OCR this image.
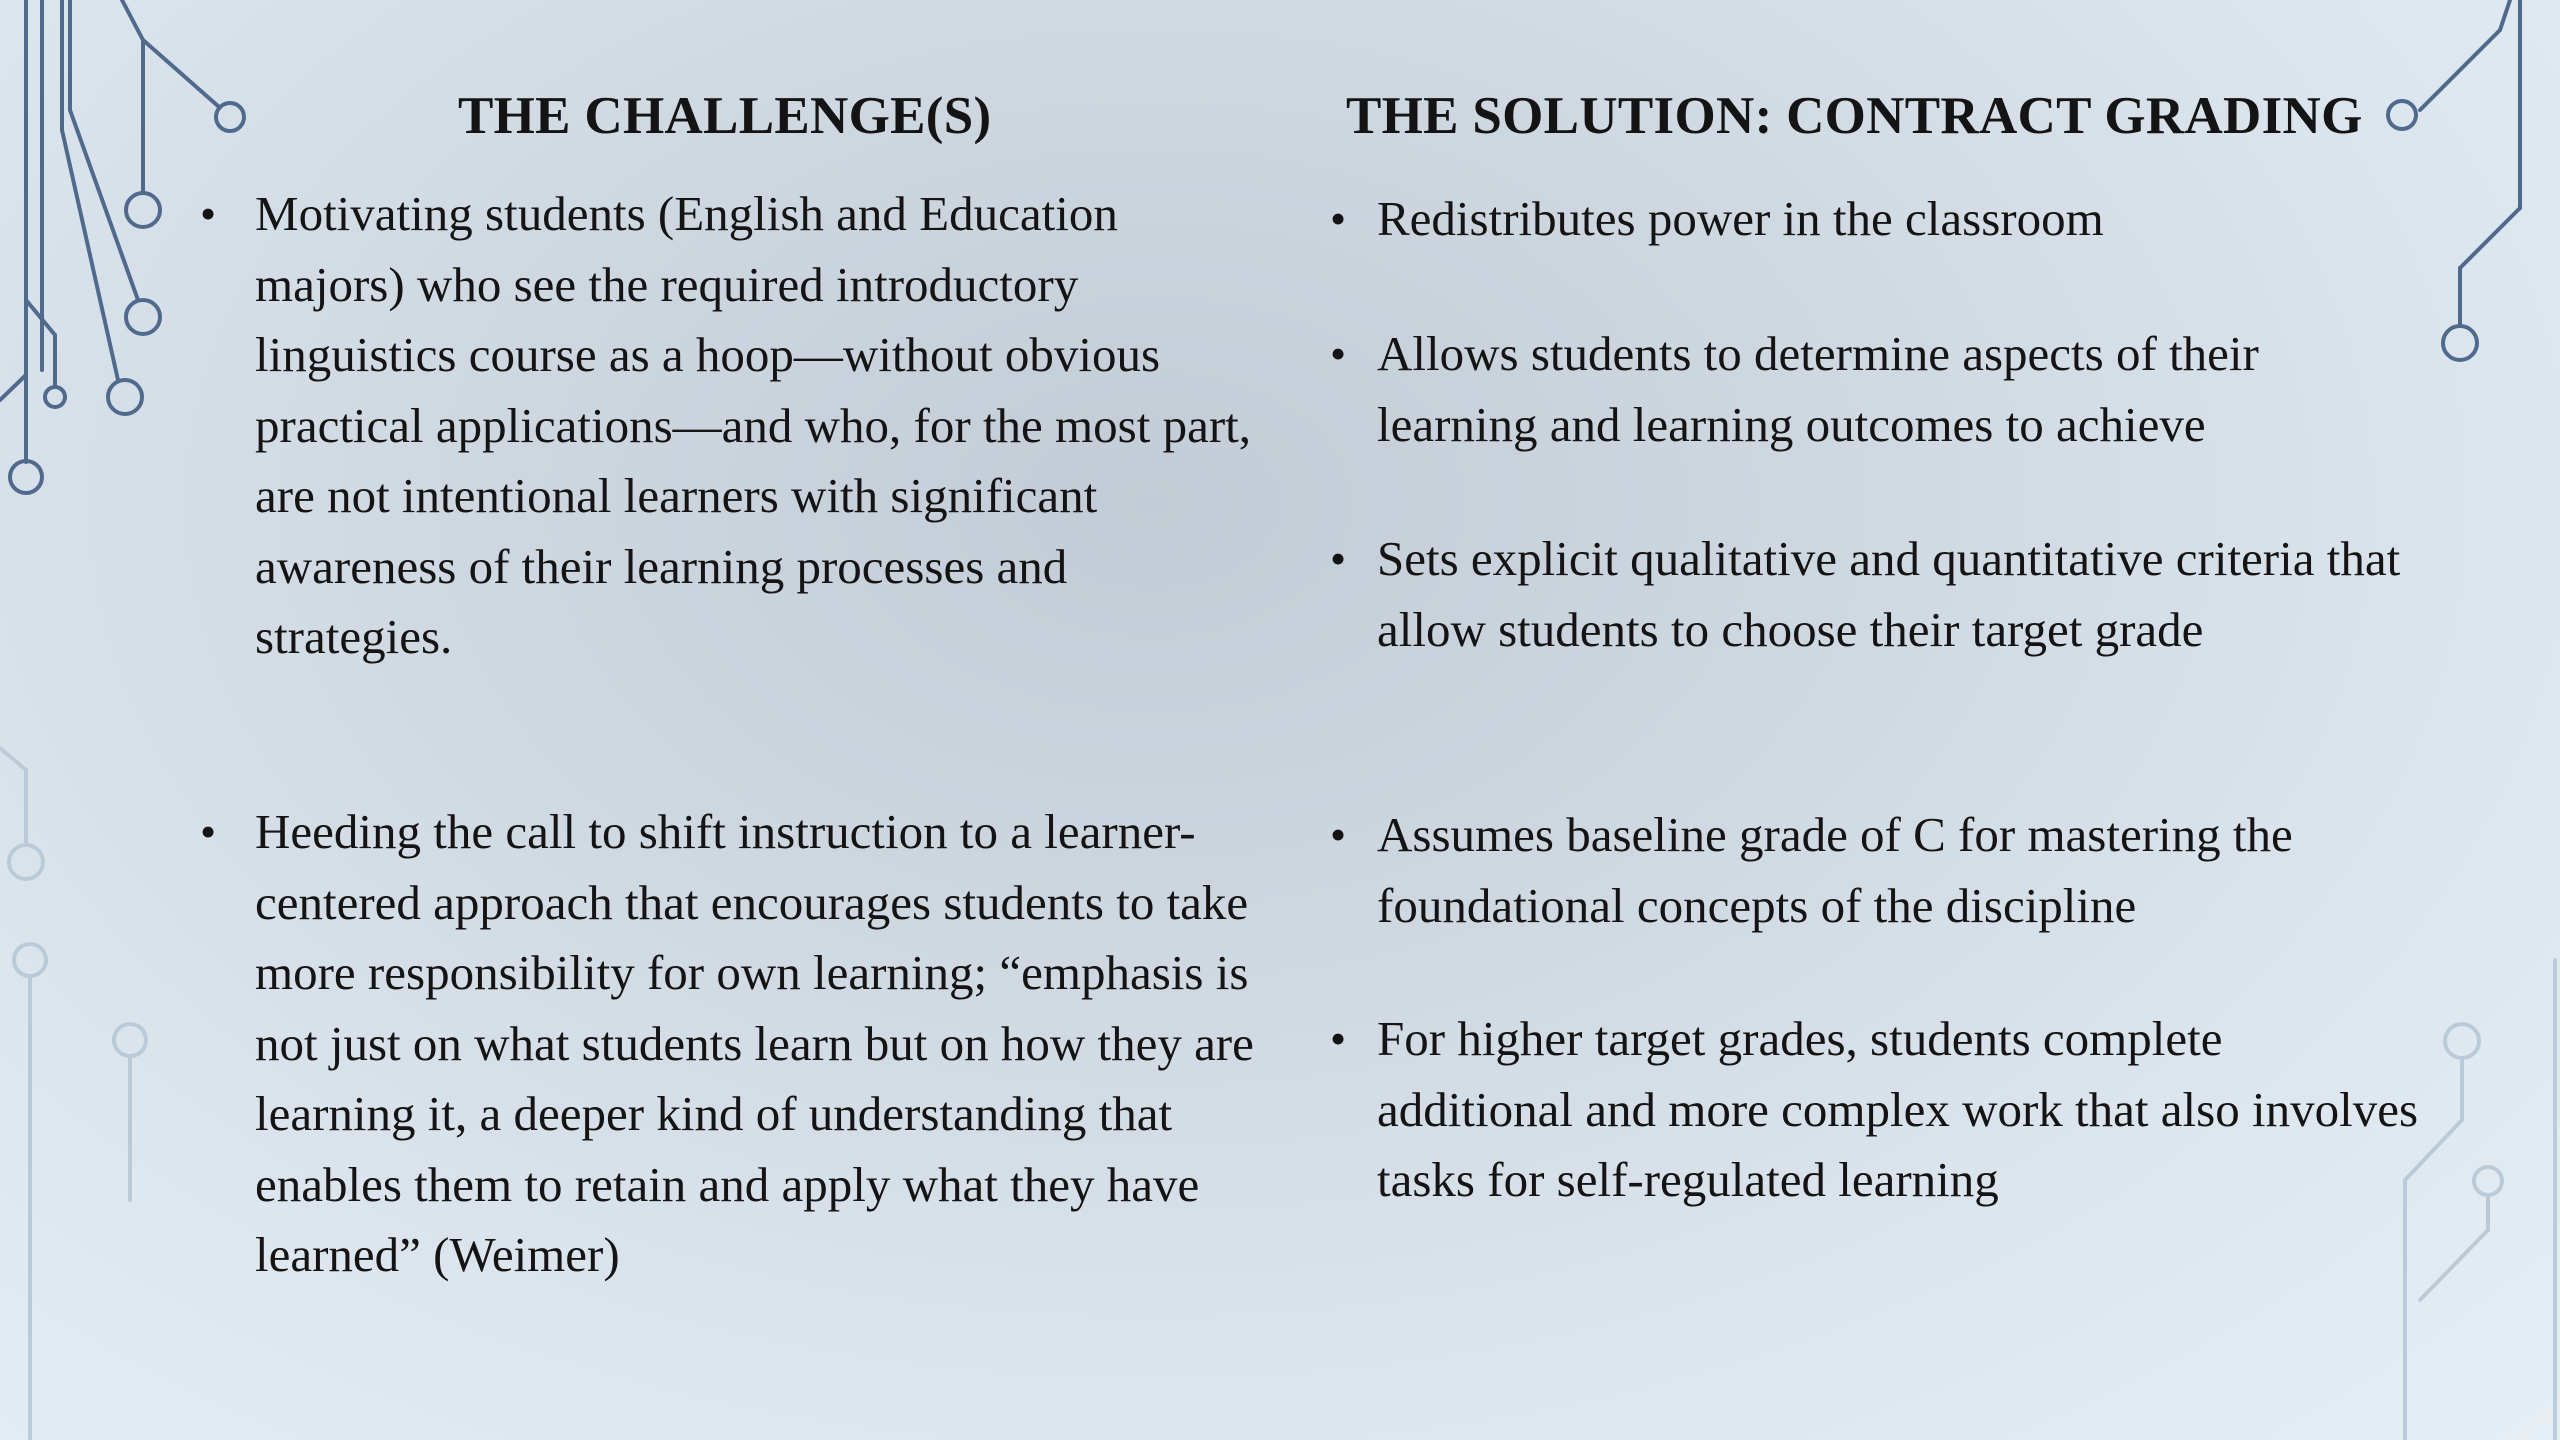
THE CHALLENGE(S)
• Motivating students (English and Education majors) who see the required introductory linguistics course as a hoop—without obvious practical applications—and who, for the most part, are not intentional learners with significant awareness of their learning processes and strategies.
• Heeding the call to shift instruction to a learner-centered approach that encourages students to take more responsibility for own learning; “emphasis is not just on what students learn but on how they are learning it, a deeper kind of understanding that enables them to retain and apply what they have learned” (Weimer)
THE SOLUTION: CONTRACT GRADING
• Redistributes power in the classroom
• Allows students to determine aspects of their learning and learning outcomes to achieve
• Sets explicit qualitative and quantitative criteria that allow students to choose their target grade
• Assumes baseline grade of C for mastering the foundational concepts of the discipline
• For higher target grades, students complete additional and more complex work that also involves tasks for self-regulated learning
